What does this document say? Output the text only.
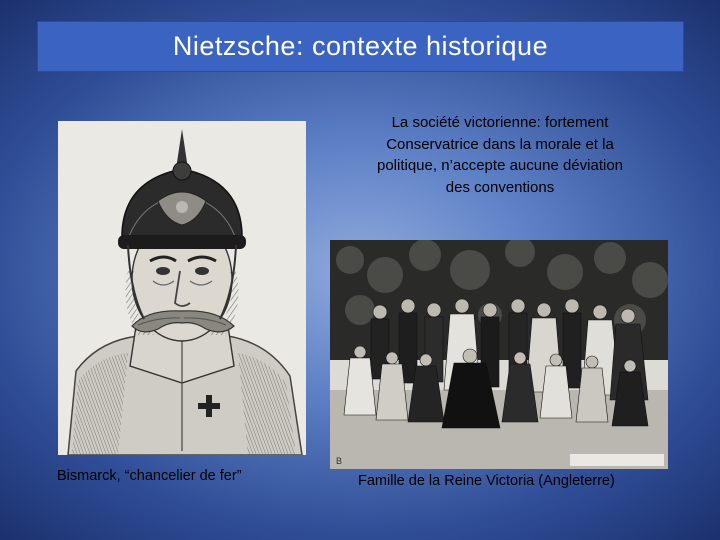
Nietzsche: contexte historique
Bismarck, “chancelier de fer”
La société victorienne: fortement
Conservatrice dans la morale et la
politique, n’accepte aucune déviation
des conventions
B
Famille de la Reine Victoria (Angleterre)
